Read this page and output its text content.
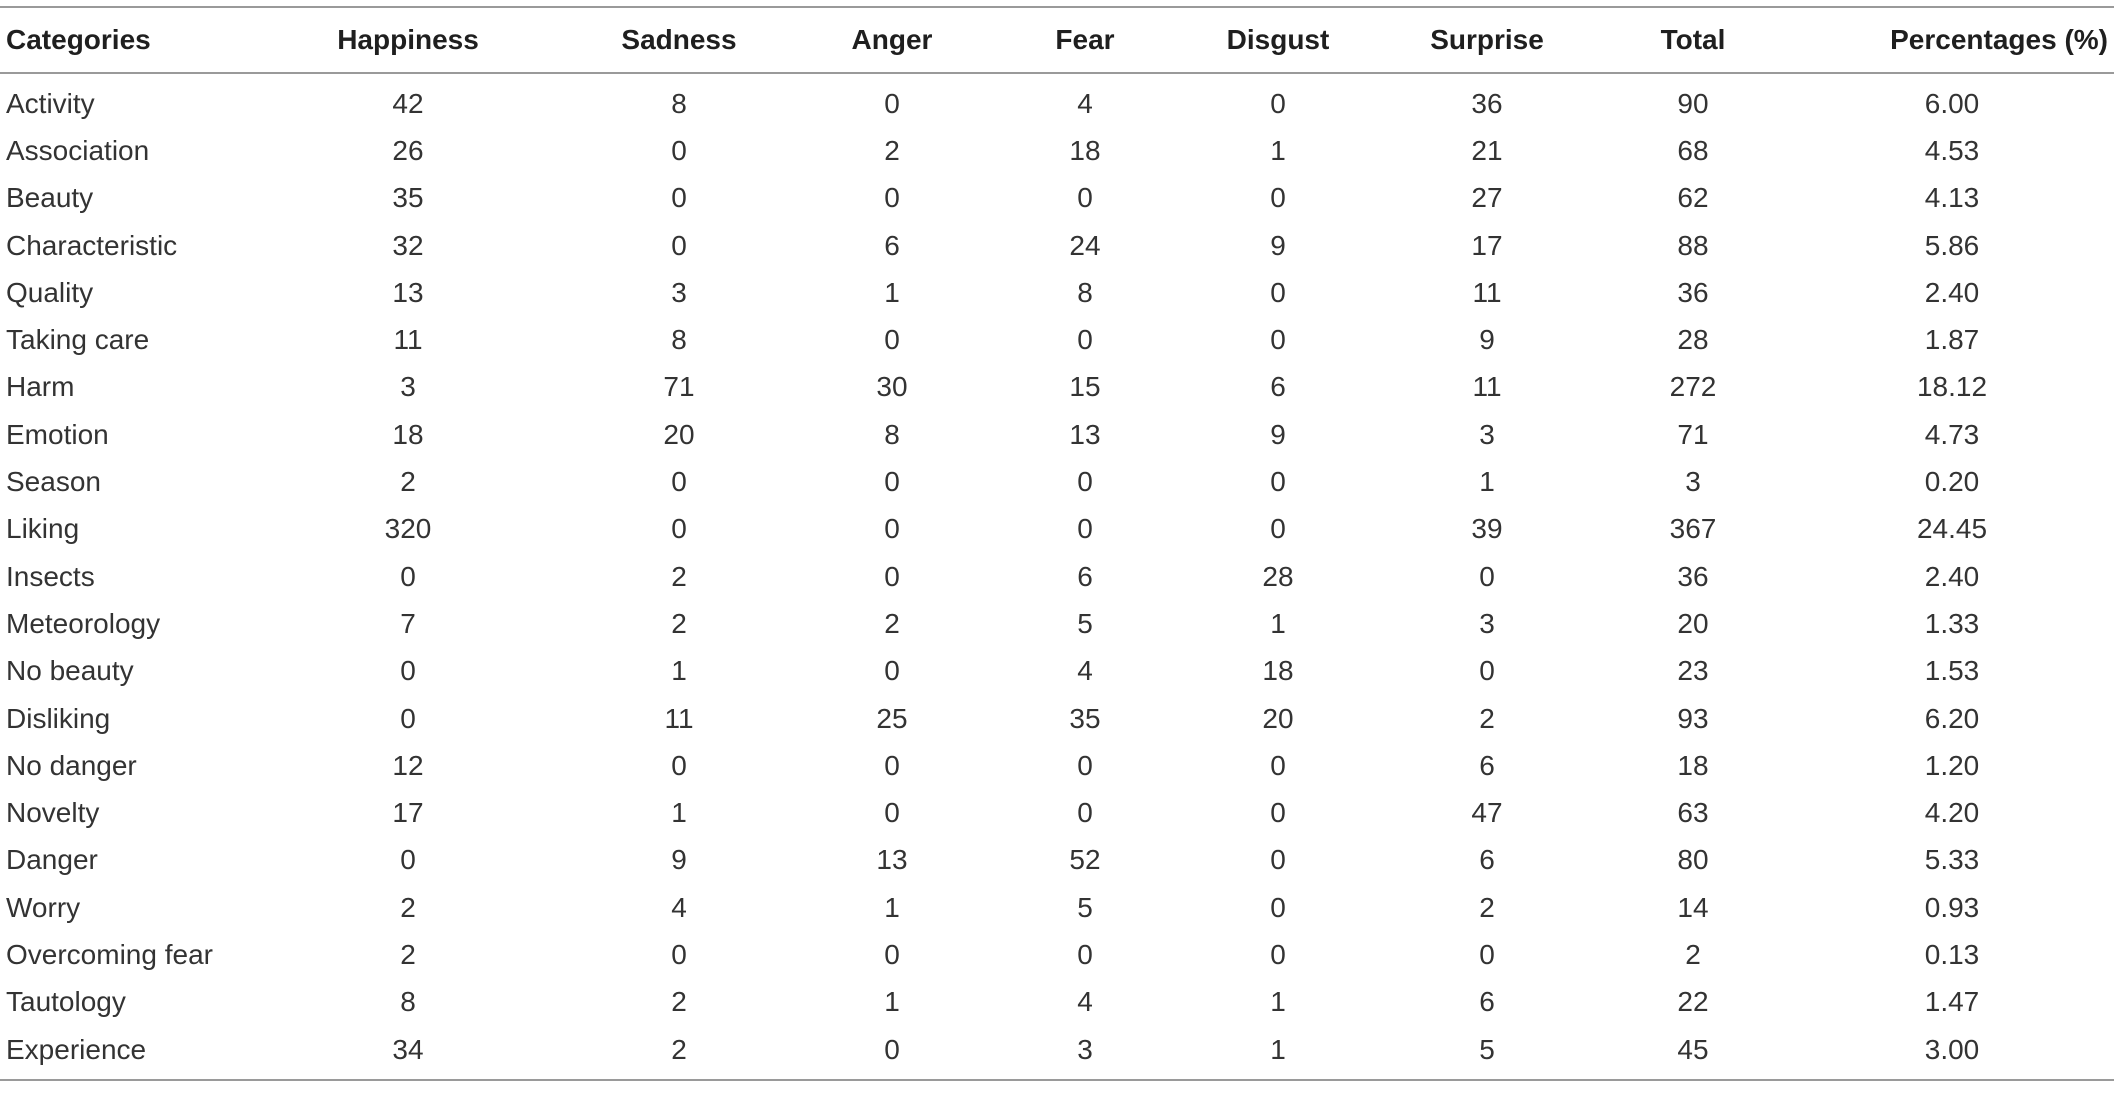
Categories	Happiness	Sadness	Anger	Fear	Disgust	Surprise	Total	Percentages (%)
Activity	42	8	0	4	0	36	90	6.00
Association	26	0	2	18	1	21	68	4.53
Beauty	35	0	0	0	0	27	62	4.13
Characteristic	32	0	6	24	9	17	88	5.86
Quality	13	3	1	8	0	11	36	2.40
Taking care	11	8	0	0	0	9	28	1.87
Harm	3	71	30	15	6	11	272	18.12
Emotion	18	20	8	13	9	3	71	4.73
Season	2	0	0	0	0	1	3	0.20
Liking	320	0	0	0	0	39	367	24.45
Insects	0	2	0	6	28	0	36	2.40
Meteorology	7	2	2	5	1	3	20	1.33
No beauty	0	1	0	4	18	0	23	1.53
Disliking	0	11	25	35	20	2	93	6.20
No danger	12	0	0	0	0	6	18	1.20
Novelty	17	1	0	0	0	47	63	4.20
Danger	0	9	13	52	0	6	80	5.33
Worry	2	4	1	5	0	2	14	0.93
Overcoming fear	2	0	0	0	0	0	2	0.13
Tautology	8	2	1	4	1	6	22	1.47
Experience	34	2	0	3	1	5	45	3.00
